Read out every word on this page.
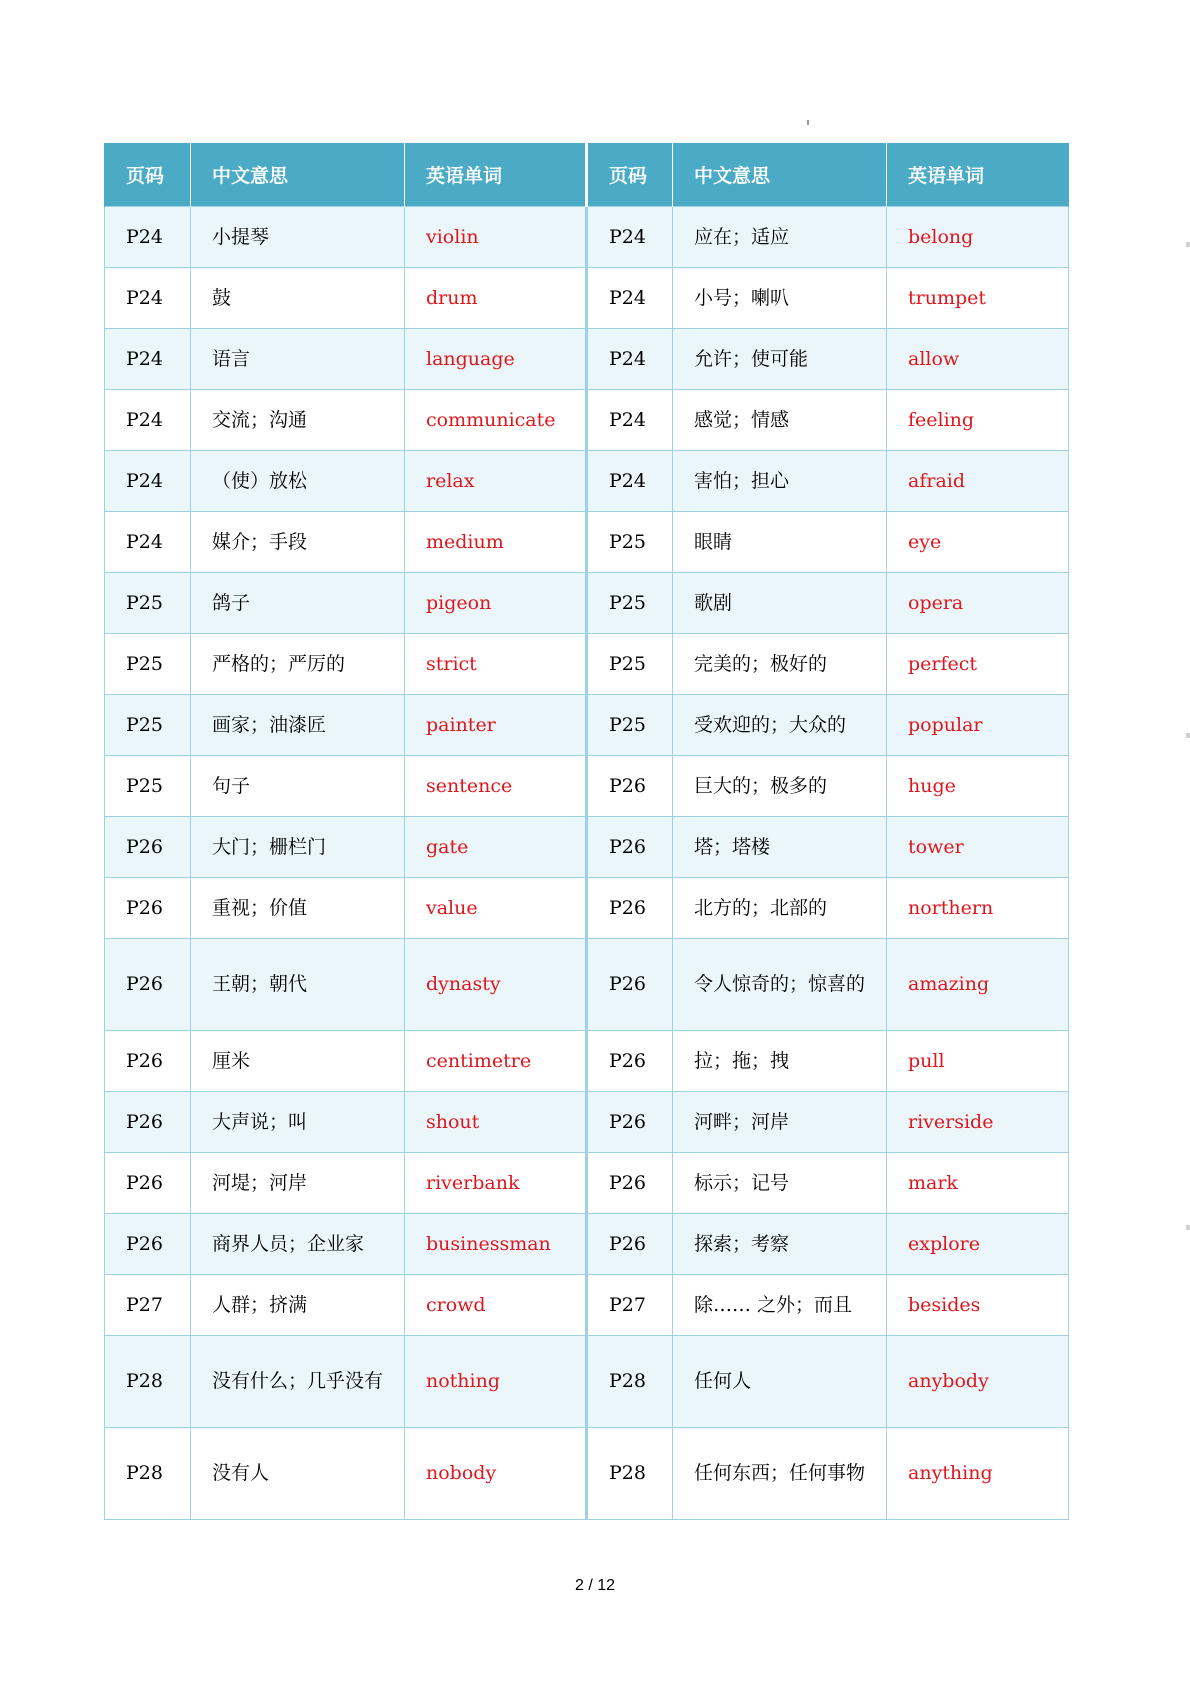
页码	中文意思	英语单词	页码	中文意思	英语单词
P24	小提琴	violin	P24	应在；适应	belong
P24	鼓	drum	P24	小号；喇叭	trumpet
P24	语言	language	P24	允许；使可能	allow
P24	交流；沟通	communicate	P24	感觉；情感	feeling
P24	（使）放松	relax	P24	害怕；担心	afraid
P24	媒介；手段	medium	P25	眼睛	eye
P25	鸽子	pigeon	P25	歌剧	opera
P25	严格的；严厉的	strict	P25	完美的；极好的	perfect
P25	画家；油漆匠	painter	P25	受欢迎的；大众的	popular
P25	句子	sentence	P26	巨大的；极多的	huge
P26	大门；栅栏门	gate	P26	塔；塔楼	tower
P26	重视；价值	value	P26	北方的；北部的	northern
P26	王朝；朝代	dynasty	P26	令人惊奇的；惊喜的	amazing
P26	厘米	centimetre	P26	拉；拖；拽	pull
P26	大声说；叫	shout	P26	河畔；河岸	riverside
P26	河堤；河岸	riverbank	P26	标示；记号	mark
P26	商界人员；企业家	businessman	P26	探索；考察	explore
P27	人群；挤满	crowd	P27	除…… 之外；而且	besides
P28	没有什么；几乎没有	nothing	P28	任何人	anybody
P28	没有人	nobody	P28	任何东西；任何事物	anything
2 / 12
